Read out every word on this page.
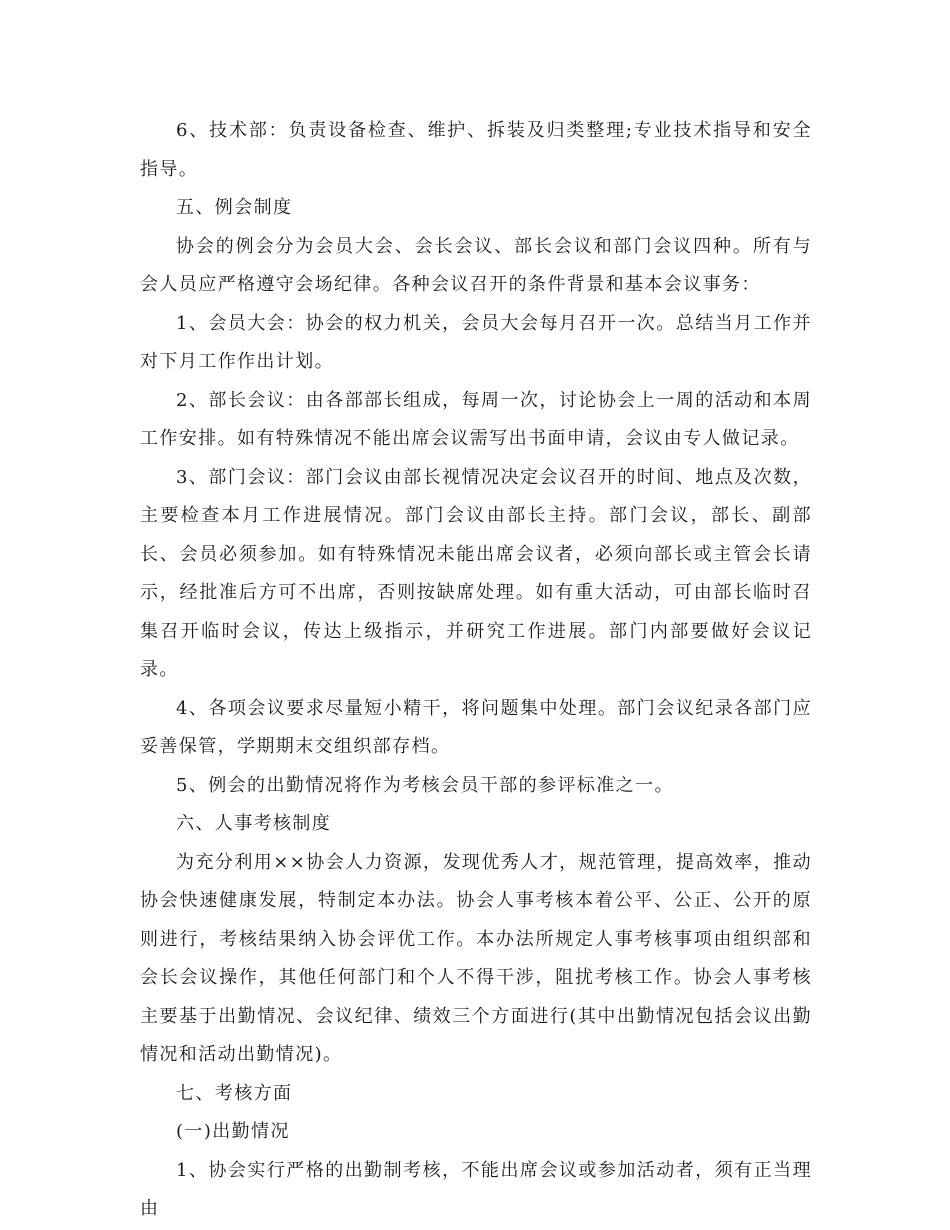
6、技术部：负责设备检查、维护、拆装及归类整理;专业技术指导和安全指导。

五、例会制度

协会的例会分为会员大会、会长会议、部长会议和部门会议四种。所有与会人员应严格遵守会场纪律。各种会议召开的条件背景和基本会议事务：

1、会员大会：协会的权力机关，会员大会每月召开一次。总结当月工作并对下月工作作出计划。

2、部长会议：由各部部长组成，每周一次，讨论协会上一周的活动和本周工作安排。如有特殊情况不能出席会议需写出书面申请，会议由专人做记录。

3、部门会议：部门会议由部长视情况决定会议召开的时间、地点及次数，主要检查本月工作进展情况。部门会议由部长主持。部门会议，部长、副部长、会员必须参加。如有特殊情况未能出席会议者，必须向部长或主管会长请示，经批准后方可不出席，否则按缺席处理。如有重大活动，可由部长临时召集召开临时会议，传达上级指示，并研究工作进展。部门内部要做好会议记录。

4、各项会议要求尽量短小精干，将问题集中处理。部门会议纪录各部门应妥善保管，学期期末交组织部存档。

5、例会的出勤情况将作为考核会员干部的参评标准之一。

六、人事考核制度

为充分利用××协会人力资源，发现优秀人才，规范管理，提高效率，推动协会快速健康发展，特制定本办法。协会人事考核本着公平、公正、公开的原则进行，考核结果纳入协会评优工作。本办法所规定人事考核事项由组织部和会长会议操作，其他任何部门和个人不得干涉，阻扰考核工作。协会人事考核主要基于出勤情况、会议纪律、绩效三个方面进行(其中出勤情况包括会议出勤情况和活动出勤情况)。

七、考核方面

(一)出勤情况

1、协会实行严格的出勤制考核，不能出席会议或参加活动者，须有正当理由
